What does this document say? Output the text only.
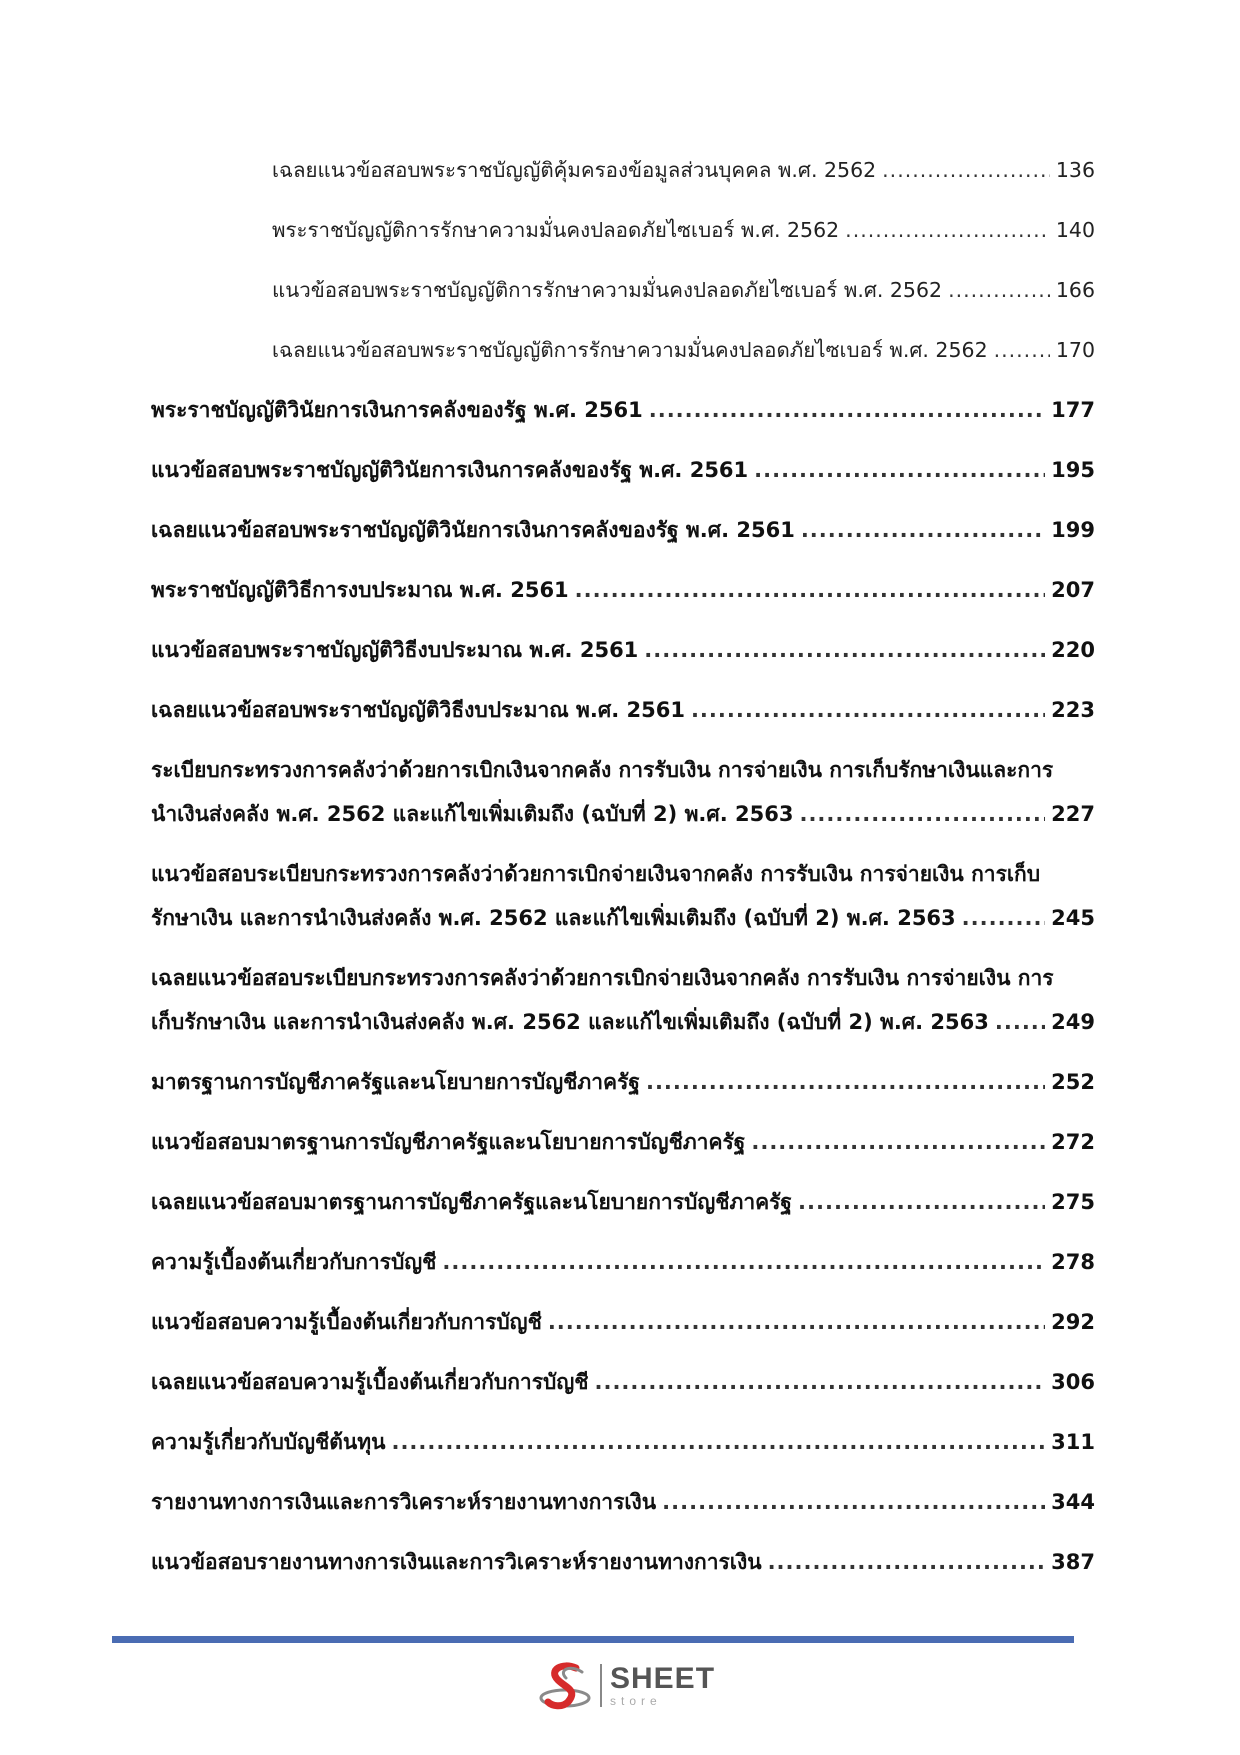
เฉลยแนวข้อสอบพระราชบัญญัติคุ้มครองข้อมูลส่วนบุคคล พ.ศ. 2562 .....	136
พระราชบัญญัติการรักษาความมั่นคงปลอดภัยไซเบอร์ พ.ศ. 2562 .....	140
แนวข้อสอบพระราชบัญญัติการรักษาความมั่นคงปลอดภัยไซเบอร์ พ.ศ. 2562 .....	166
เฉลยแนวข้อสอบพระราชบัญญัติการรักษาความมั่นคงปลอดภัยไซเบอร์ พ.ศ. 2562 .....	170
พระราชบัญญัติวินัยการเงินการคลังของรัฐ พ.ศ. 2561 .....	177
แนวข้อสอบพระราชบัญญัติวินัยการเงินการคลังของรัฐ พ.ศ. 2561 .....	195
เฉลยแนวข้อสอบพระราชบัญญัติวินัยการเงินการคลังของรัฐ พ.ศ. 2561 .....	199
พระราชบัญญัติวิธีการงบประมาณ พ.ศ. 2561 .....	207
แนวข้อสอบพระราชบัญญัติวิธีงบประมาณ พ.ศ. 2561 .....	220
เฉลยแนวข้อสอบพระราชบัญญัติวิธีงบประมาณ พ.ศ. 2561 .....	223
ระเบียบกระทรวงการคลังว่าด้วยการเบิกเงินจากคลัง การรับเงิน การจ่ายเงิน การเก็บรักษาเงินและการ
นำเงินส่งคลัง พ.ศ. 2562 และแก้ไขเพิ่มเติมถึง (ฉบับที่ 2) พ.ศ. 2563 .....	227
แนวข้อสอบระเบียบกระทรวงการคลังว่าด้วยการเบิกจ่ายเงินจากคลัง การรับเงิน การจ่ายเงิน การเก็บ
รักษาเงิน และการนำเงินส่งคลัง พ.ศ. 2562 และแก้ไขเพิ่มเติมถึง (ฉบับที่ 2) พ.ศ. 2563 .....	245
เฉลยแนวข้อสอบระเบียบกระทรวงการคลังว่าด้วยการเบิกจ่ายเงินจากคลัง การรับเงิน การจ่ายเงิน การ
เก็บรักษาเงิน และการนำเงินส่งคลัง พ.ศ. 2562 และแก้ไขเพิ่มเติมถึง (ฉบับที่ 2) พ.ศ. 2563 .....	249
มาตรฐานการบัญชีภาครัฐและนโยบายการบัญชีภาครัฐ .....	252
แนวข้อสอบมาตรฐานการบัญชีภาครัฐและนโยบายการบัญชีภาครัฐ .....	272
เฉลยแนวข้อสอบมาตรฐานการบัญชีภาครัฐและนโยบายการบัญชีภาครัฐ .....	275
ความรู้เบื้องต้นเกี่ยวกับการบัญชี .....	278
แนวข้อสอบความรู้เบื้องต้นเกี่ยวกับการบัญชี .....	292
เฉลยแนวข้อสอบความรู้เบื้องต้นเกี่ยวกับการบัญชี .....	306
ความรู้เกี่ยวกับบัญชีต้นทุน .....	311
รายงานทางการเงินและการวิเคราะห์รายงานทางการเงิน .....	344
แนวข้อสอบรายงานทางการเงินและการวิเคราะห์รายงานทางการเงิน .....	387
SHEET
store
